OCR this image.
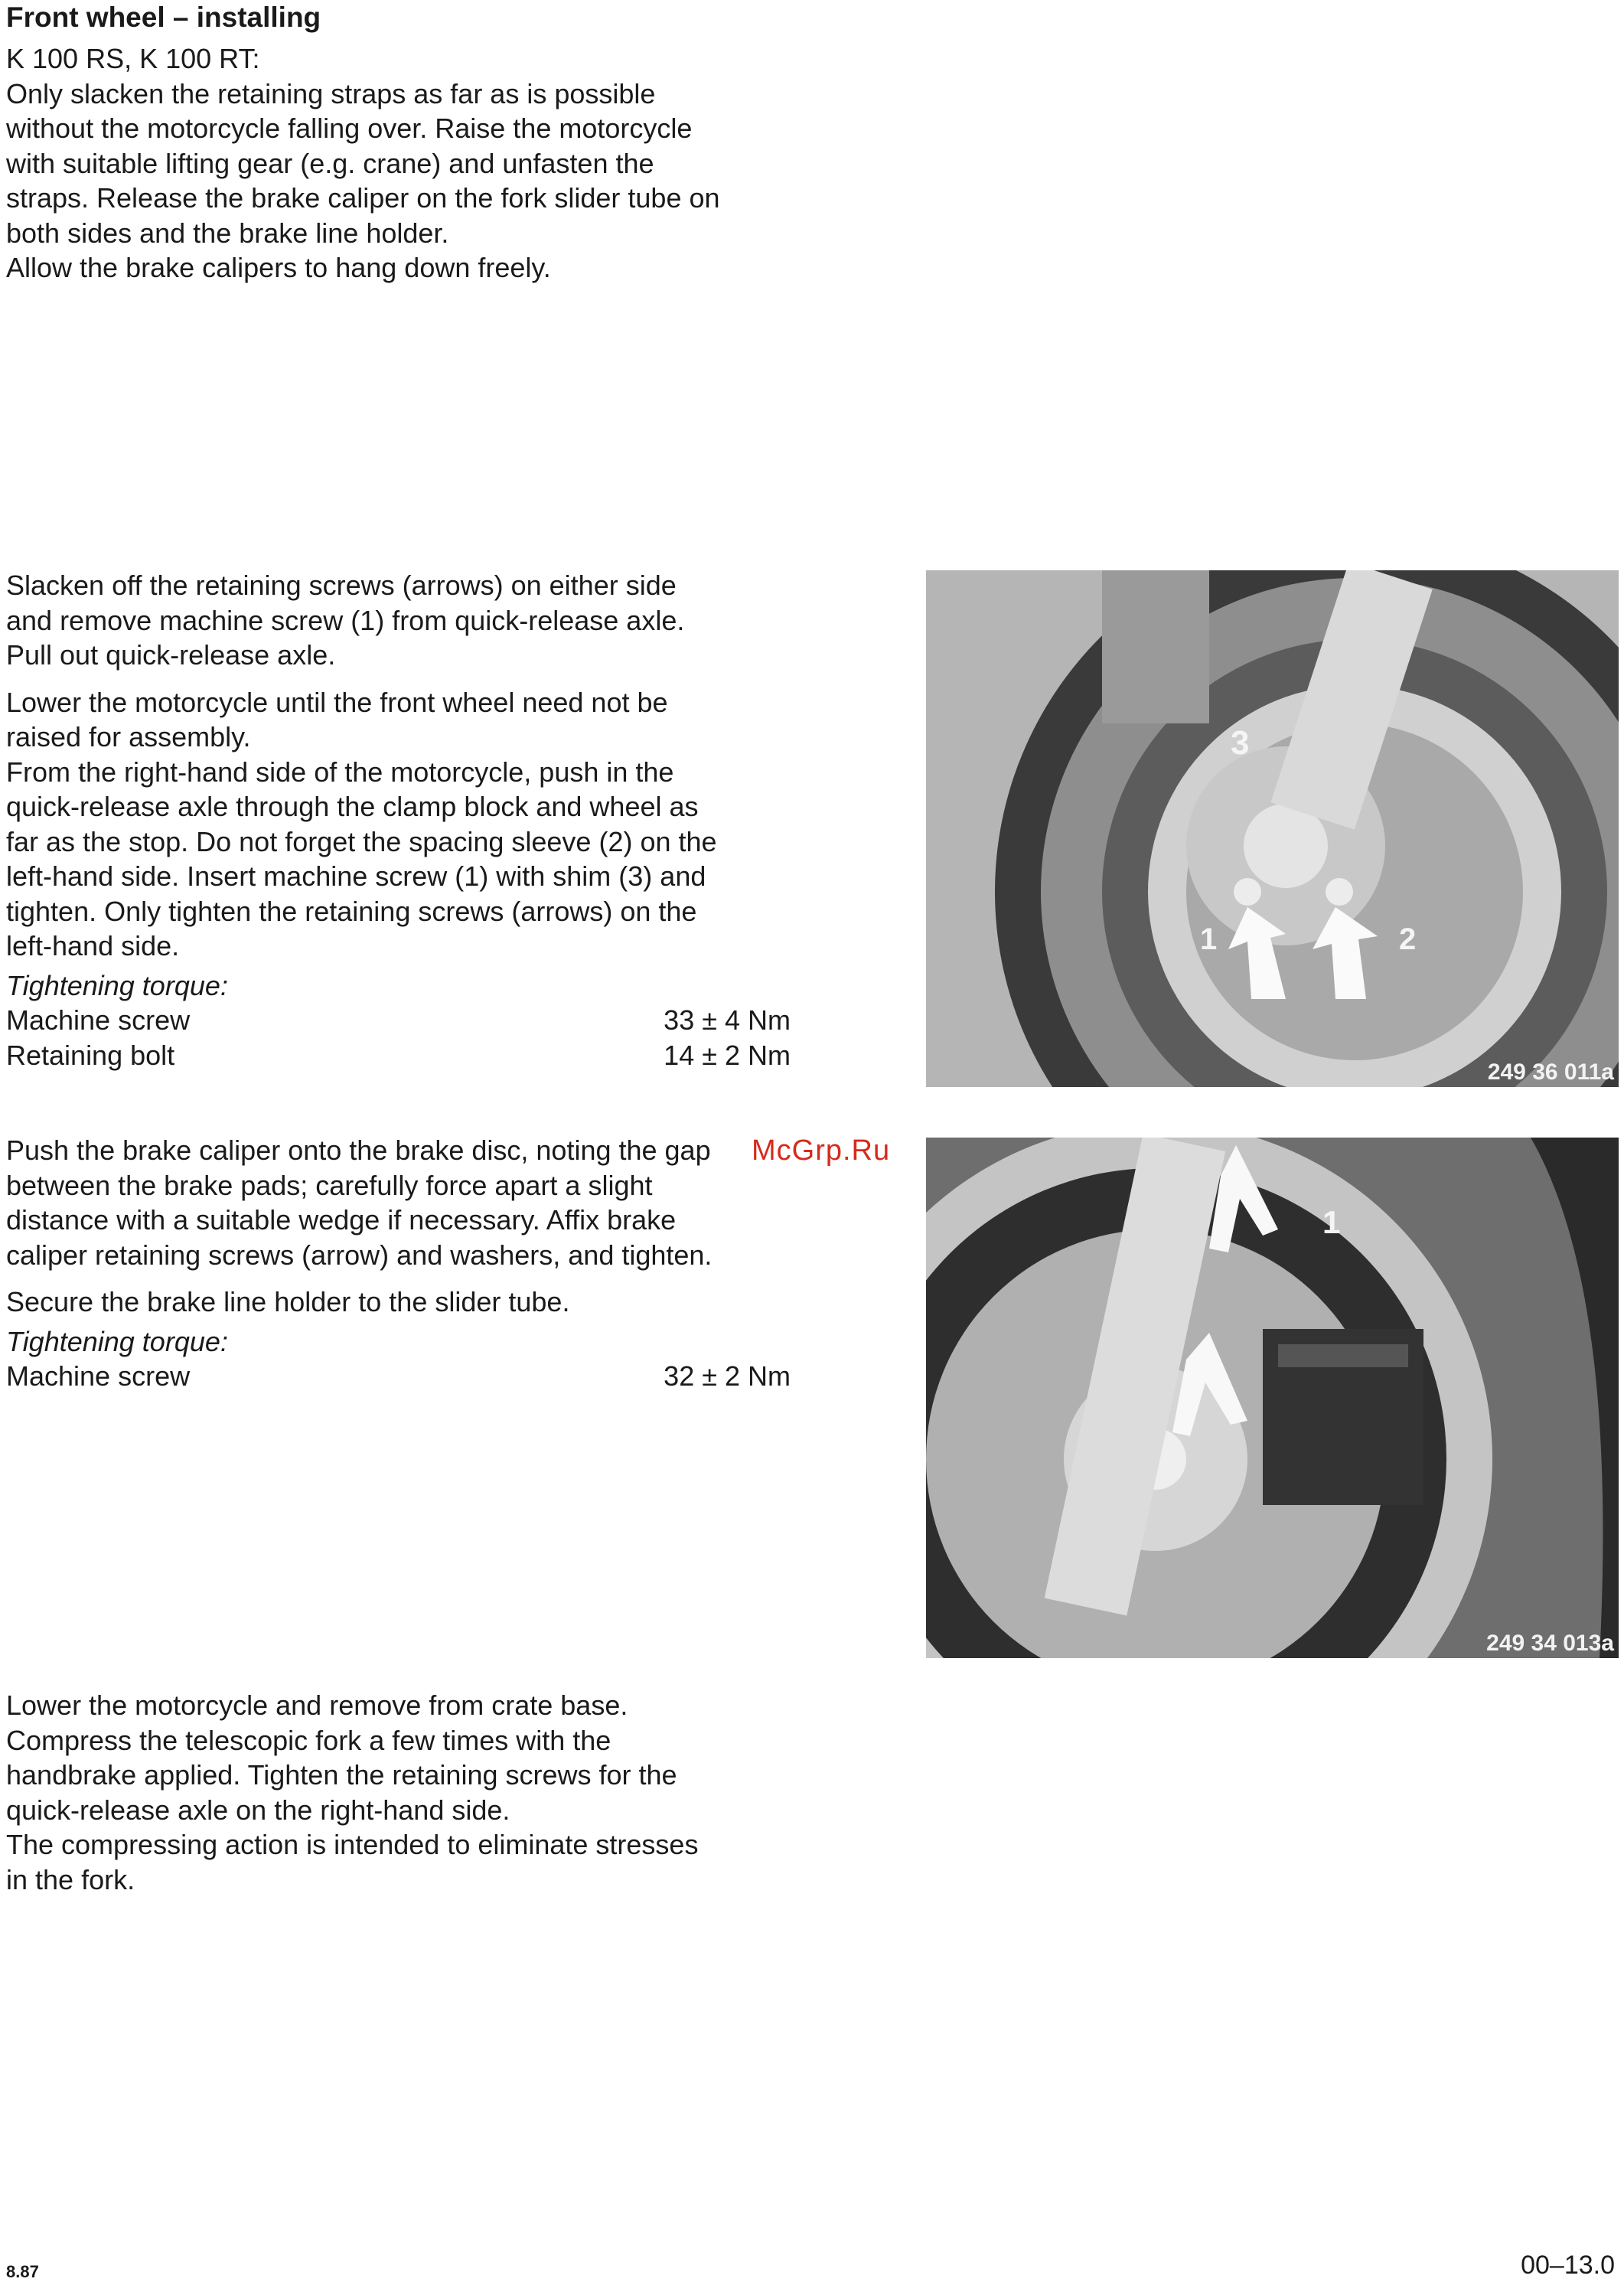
Front wheel – installing
K 100 RS, K 100 RT:
Only slacken the retaining straps as far as is possible
without the motorcycle falling over. Raise the motorcycle
with suitable lifting gear (e.g. crane) and unfasten the
straps. Release the brake caliper on the fork slider tube on
both sides and the brake line holder.
Allow the brake calipers to hang down freely.
Slacken off the retaining screws (arrows) on either side
and remove machine screw (1) from quick-release axle.
Pull out quick-release axle.
Lower the motorcycle until the front wheel need not be
raised for assembly.
From the right-hand side of the motorcycle, push in the
quick-release axle through the clamp block and wheel as
far as the stop. Do not forget the spacing sleeve (2) on the
left-hand side. Insert machine screw (1) with shim (3) and
tighten. Only tighten the retaining screws (arrows) on the
left-hand side.
Tightening torque:
Machine screw	33 ± 4 Nm
Retaining bolt	14 ± 2 Nm
Push the brake caliper onto the brake disc, noting the gap
between the brake pads; carefully force apart a slight
distance with a suitable wedge if necessary. Affix brake
caliper retaining screws (arrow) and washers, and tighten.
Secure the brake line holder to the slider tube.
Tightening torque:
Machine screw	32 ± 2 Nm
Lower the motorcycle and remove from crate base.
Compress the telescopic fork a few times with the
handbrake applied. Tighten the retaining screws for the
quick-release axle on the right-hand side.
The compressing action is intended to eliminate stresses
in the fork.
3
1	2
249 36 011a
1
249 34 013a
McGrp.Ru
8.87	00–13.0
